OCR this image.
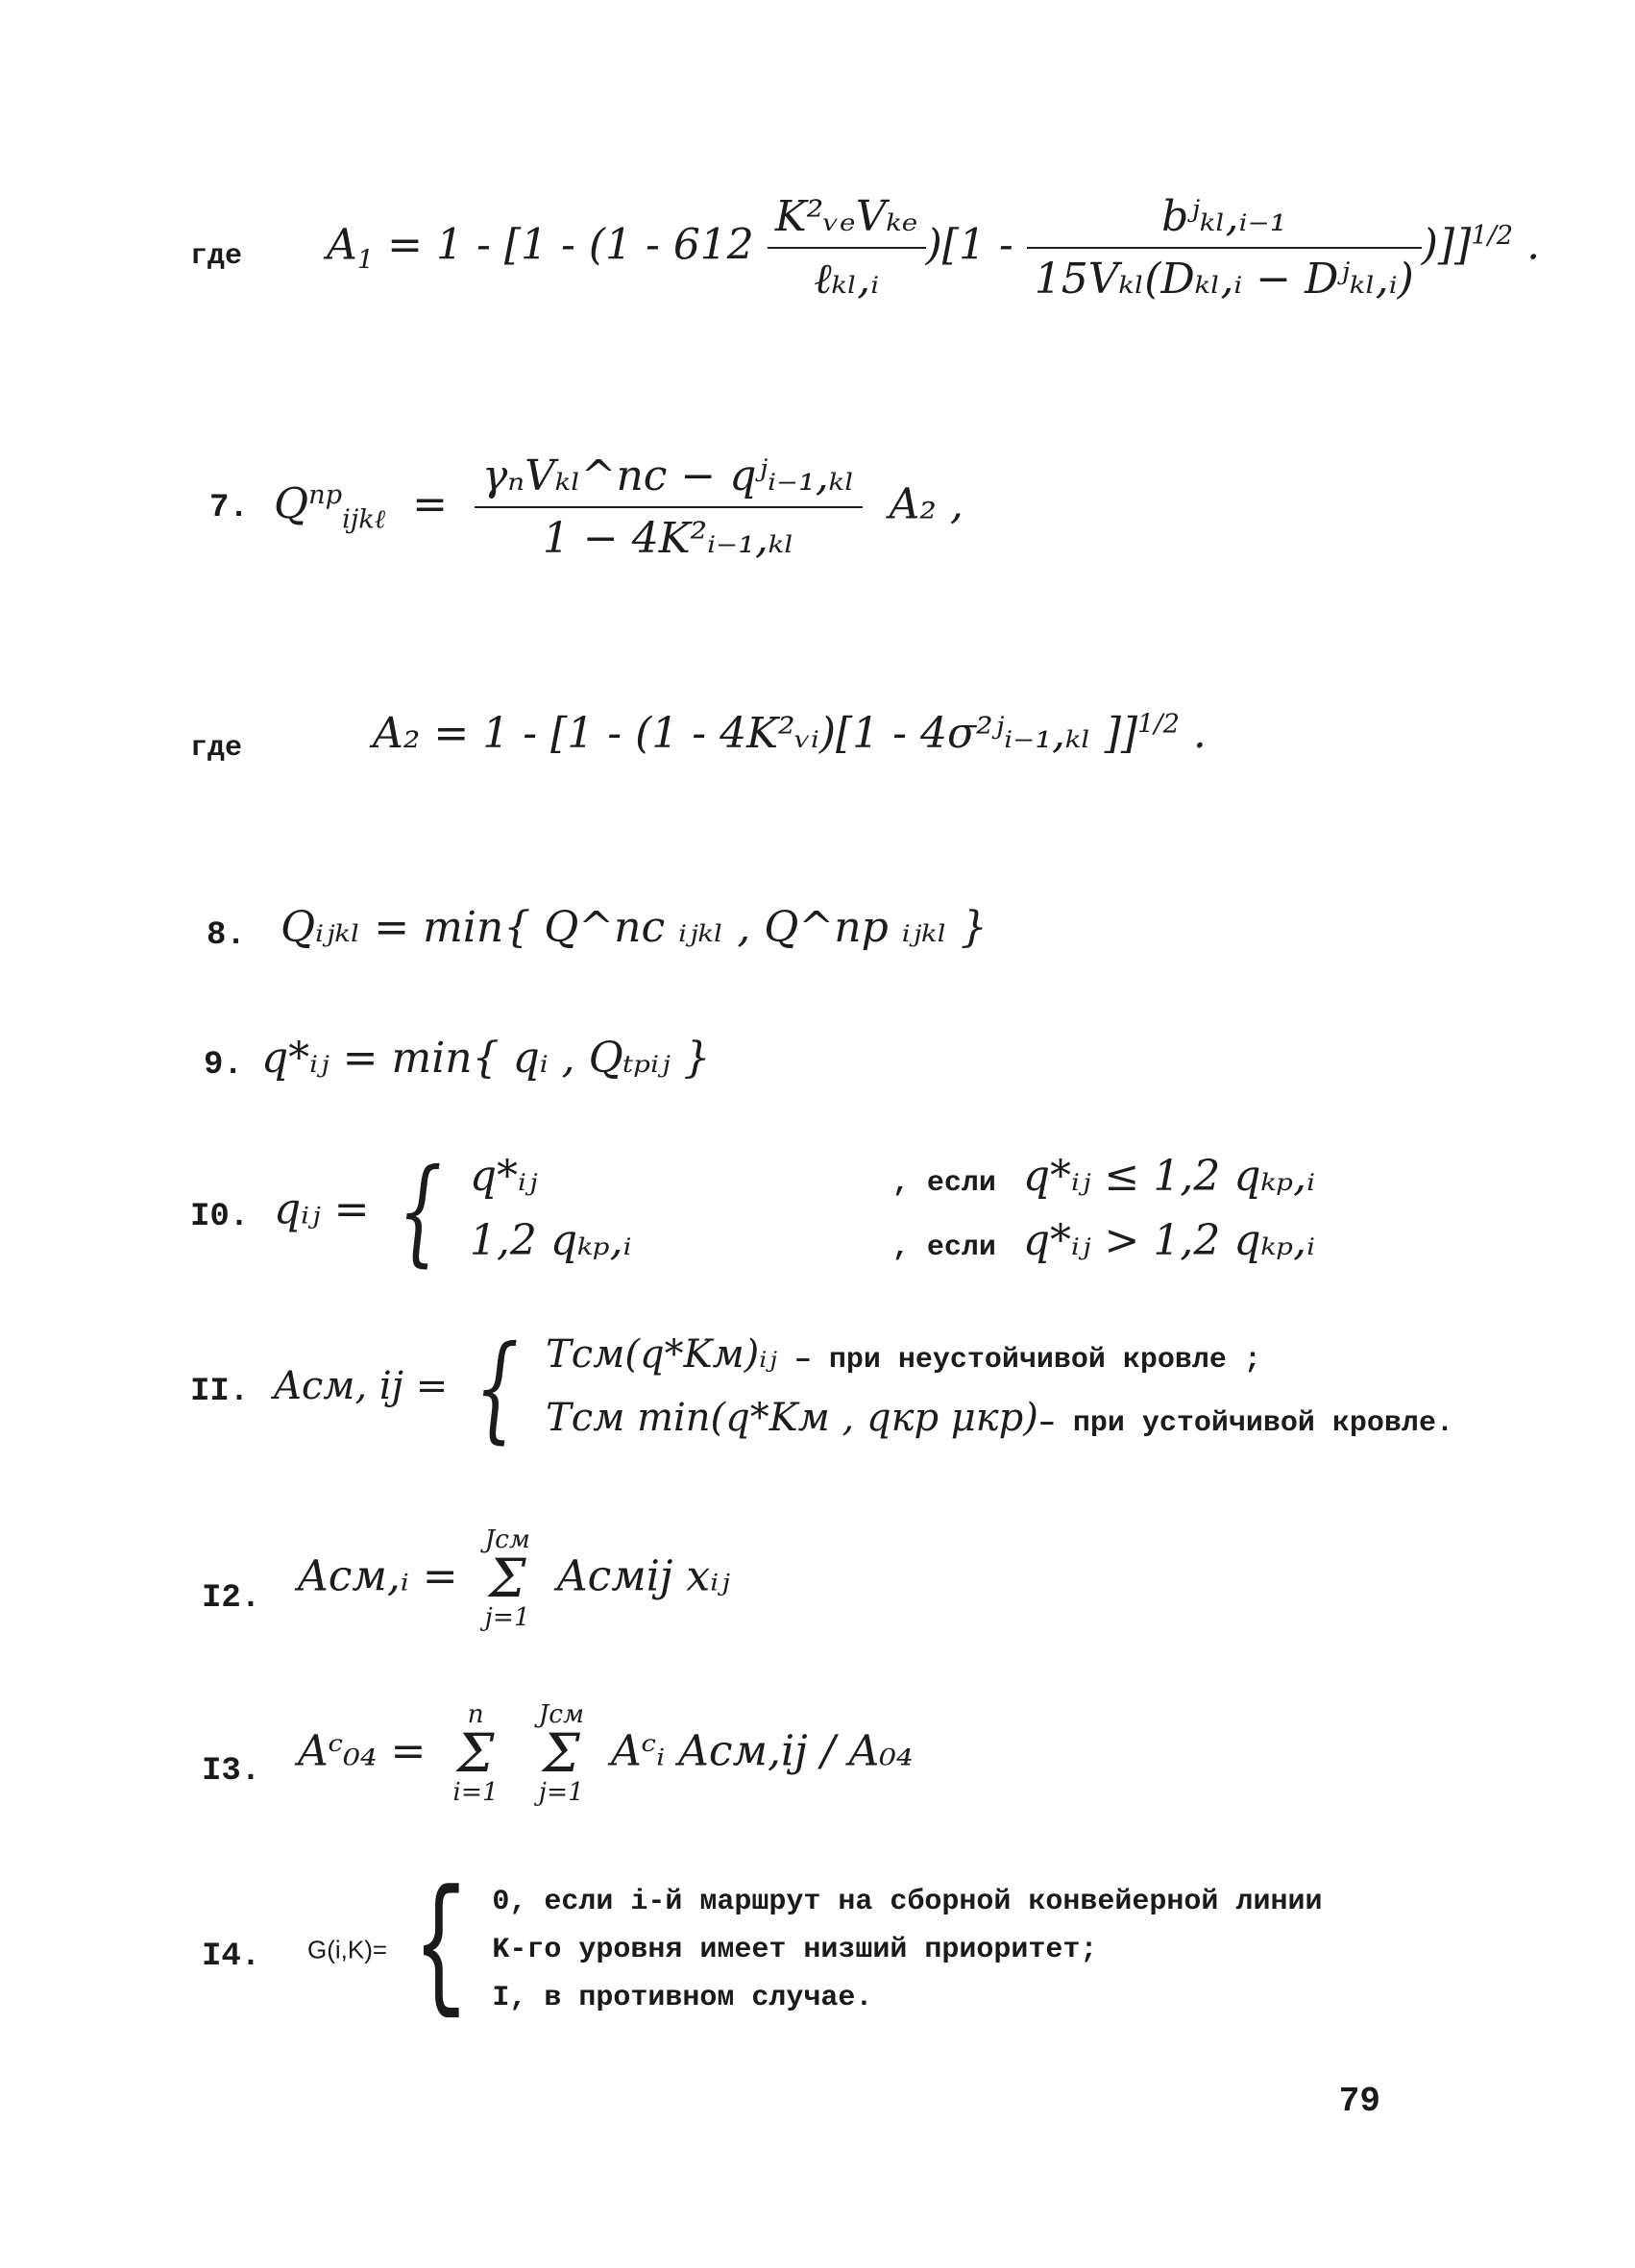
где $A_1 = 1 - [1 - (1 - 612 \frac{\text{K²ᵥₑVₖₑ}}{\text{ℓₖₗ,ᵢ}} )[1 - \frac{\text{bʲₖₗ,ᵢ₋₁}}{\text{15Vₖₗ(Dₖₗ,ᵢ − Dʲₖₗ,ᵢ)}} )]]^{1/2}$ .
7. $Q^{пр}_{ijk\ell} = \frac{\text{γₙVₖₗ\textasciicircum{}пс − qʲᵢ₋₁,ₖₗ}}{\text{1 − 4K²ᵢ₋₁,ₖₗ}} A_2$ ,
где	A₂ = 1 - [1 - (1 - 4K²ᵥᵢ)[1 - 4σ²ʲᵢ₋₁,ₖₗ ]]$^{1/2}$ .
8. Qᵢⱼₖₗ = min{ Q^пс ᵢⱼₖₗ , Q^пр ᵢⱼₖₗ }
9. q*ᵢⱼ = min{ qᵢ , Qₜₚᵢⱼ }
I0. qᵢⱼ = { q*ᵢⱼ	, если q*ᵢⱼ ≤ 1,2 qₖₚ,ᵢ
1,2 qₖₚ,ᵢ	, если q*ᵢⱼ > 1,2 qₖₚ,ᵢ
II. Aсм, ij = { Tсм(q*Kм)ᵢⱼ – при неустойчивой кровле ;
Tсм min(q*Kм , qкр μкр)– при устойчивой кровле.
I2. Aсм,ᵢ =
Jсм
Σ
j=1
Aсмij xᵢⱼ
I3. Aᶜ₀₄ =
n
Σ
i=1

Jсм
Σ
j=1
Aᶜᵢ Aсм,ij / A₀₄
I4. G(i,K)= { 0, если i-й маршрут на сборной конвейерной линии
K-го уровня имеет низший приоритет;
I, в противном случае.
79
